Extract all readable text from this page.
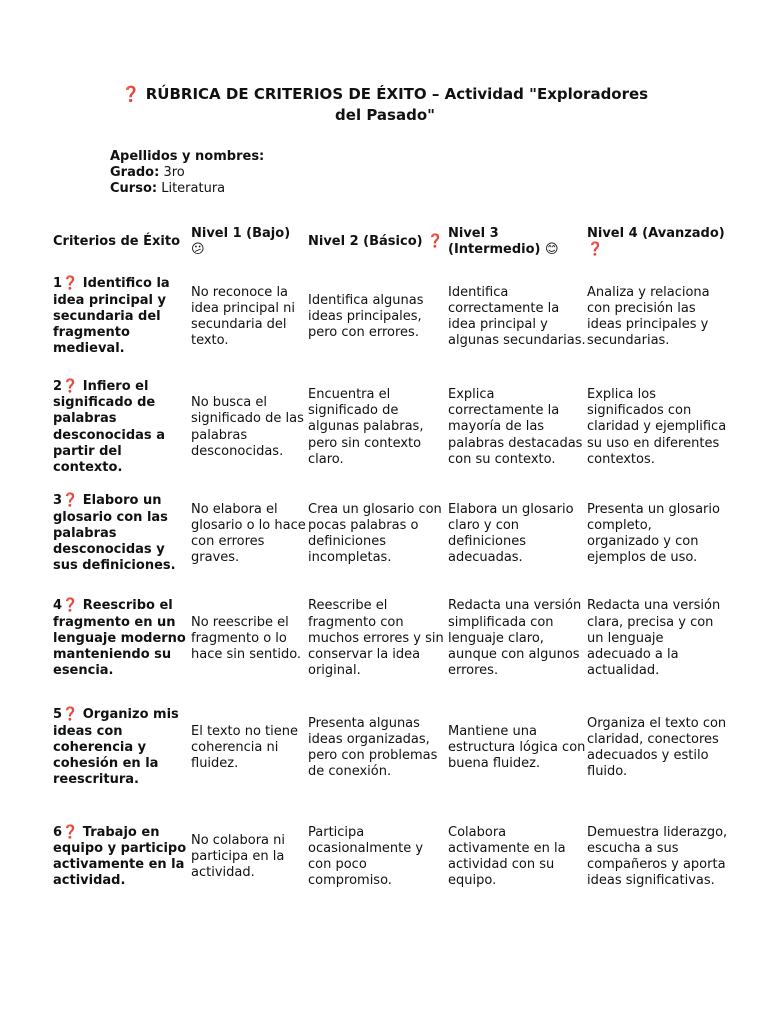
❓ RÚBRICA DE CRITERIOS DE ÉXITO – Actividad "Exploradores del Pasado"
Apellidos y nombres:
Grado: 3ro
Curso: Literatura
Criterios de Éxito	Nivel 1 (Bajo) 😕	Nivel 2 (Básico) ❓	Nivel 3 (Intermedio) 😊	Nivel 4 (Avanzado) ❓
1❓ Identifico la idea principal y secundaria del fragmento medieval.	No reconoce la idea principal ni secundaria del texto.	Identifica algunas ideas principales, pero con errores.	Identifica correctamente la idea principal y algunas secundarias.	Analiza y relaciona con precisión las ideas principales y secundarias.
2❓ Infiero el significado de palabras desconocidas a partir del contexto.	No busca el significado de las palabras desconocidas.	Encuentra el significado de algunas palabras, pero sin contexto claro.	Explica correctamente la mayoría de las palabras destacadas con su contexto.	Explica los significados con claridad y ejemplifica su uso en diferentes contextos.
3❓ Elaboro un glosario con las palabras desconocidas y sus definiciones.	No elabora el glosario o lo hace con errores graves.	Crea un glosario con pocas palabras o definiciones incompletas.	Elabora un glosario claro y con definiciones adecuadas.	Presenta un glosario completo, organizado y con ejemplos de uso.
4❓ Reescribo el fragmento en un lenguaje moderno manteniendo su esencia.	No reescribe el fragmento o lo hace sin sentido.	Reescribe el fragmento con muchos errores y sin conservar la idea original.	Redacta una versión simplificada con lenguaje claro, aunque con algunos errores.	Redacta una versión clara, precisa y con un lenguaje adecuado a la actualidad.
5❓ Organizo mis ideas con coherencia y cohesión en la reescritura.	El texto no tiene coherencia ni fluidez.	Presenta algunas ideas organizadas, pero con problemas de conexión.	Mantiene una estructura lógica con buena fluidez.	Organiza el texto con claridad, conectores adecuados y estilo fluido.
6❓ Trabajo en equipo y participo activamente en la actividad.	No colabora ni participa en la actividad.	Participa ocasionalmente y con poco compromiso.	Colabora activamente en la actividad con su equipo.	Demuestra liderazgo, escucha a sus compañeros y aporta ideas significativas.
